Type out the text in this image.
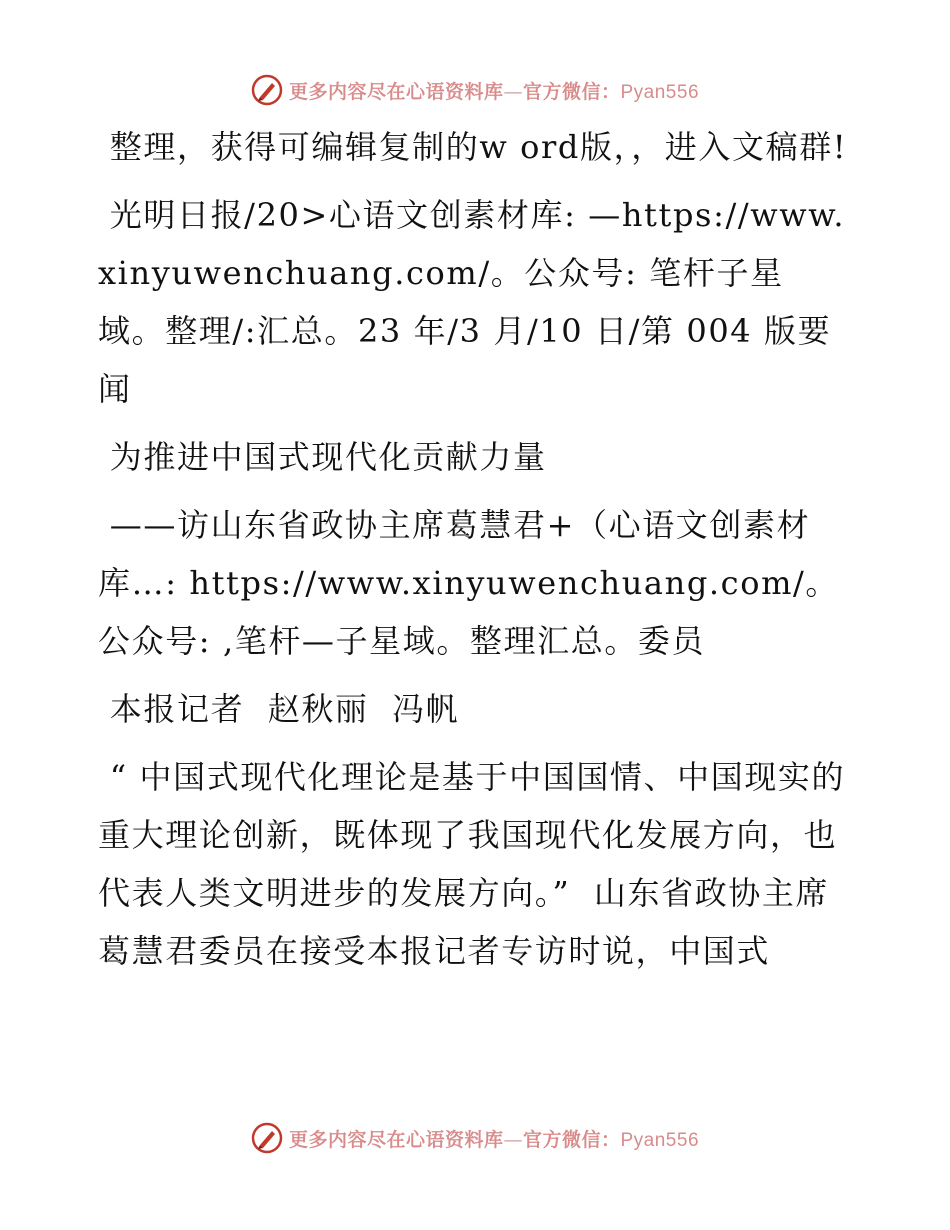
更多内容尽在心语资料库—官方微信：Pyan556

整理，获得可编辑复制的w ord版，，进入文稿群!

光明日报/20>心语文创素材库: —https://www.xinyuwenchuang.com/。公众号: 笔杆子星域。整理/:汇总。23 年/3 月/10 日/第 004 版要闻

为推进中国式现代化贡献力量

——访山东省政协主席葛慧君+（心语文创素材库…: https://www.xinyuwenchuang.com/。公众号: ,笔杆—子星域。整理汇总。委员

本报记者  赵秋丽  冯帆

“ 中国式现代化理论是基于中国国情、中国现实的重大理论创新，既体现了我国现代化发展方向，也代表人类文明进步的发展方向。”  山东省政协主席葛慧君委员在接受本报记者专访时说，中国式

更多内容尽在心语资料库—官方微信：Pyan556
